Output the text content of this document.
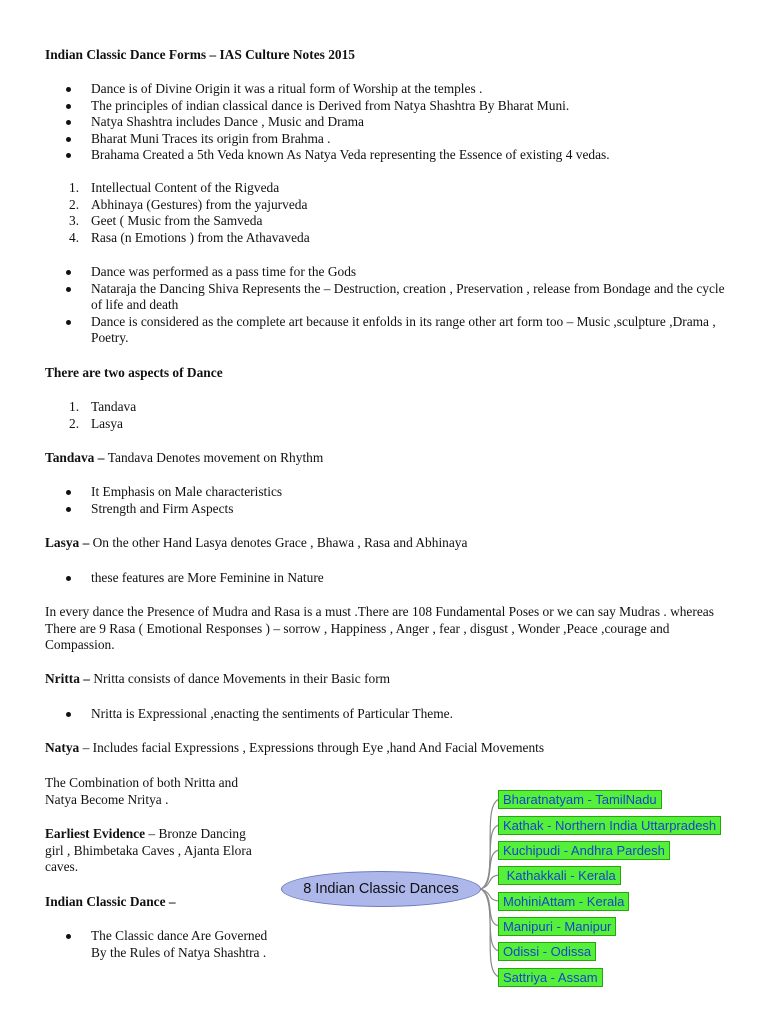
Indian Classic Dance Forms – IAS Culture Notes 2015
Dance is of Divine Origin it was a ritual form of Worship at the temples .
The principles of indian classical dance is Derived from Natya Shashtra By Bharat Muni.
Natya Shashtra includes Dance , Music and Drama
Bharat Muni Traces its origin from Brahma .
Brahama Created a 5th Veda known As Natya Veda representing the Essence of existing 4 vedas.
1. Intellectual Content of the Rigveda
2. Abhinaya (Gestures) from the yajurveda
3. Geet ( Music from the Samveda
4. Rasa (n Emotions ) from the Athavaveda
Dance was performed as a pass time for the Gods
Nataraja the Dancing Shiva Represents the – Destruction, creation , Preservation , release from Bondage and the cycle of life and death
Dance is considered as the complete art because it enfolds in its range other art form too – Music ,sculpture ,Drama , Poetry.
There are two aspects of Dance
1. Tandava
2. Lasya
Tandava – Tandava Denotes movement on Rhythm
It Emphasis on Male characteristics
Strength and Firm Aspects
Lasya – On the other Hand Lasya denotes Grace , Bhawa , Rasa and Abhinaya
these features are More Feminine in Nature
In every dance the Presence of Mudra and Rasa is a must .There are 108 Fundamental Poses or we can say Mudras . whereas There are 9 Rasa ( Emotional Responses ) – sorrow , Happiness , Anger , fear , disgust , Wonder ,Peace ,courage and Compassion.
Nritta – Nritta consists of dance Movements in their Basic form
Nritta is Expressional ,enacting the sentiments of Particular Theme.
Natya – Includes facial Expressions , Expressions through Eye ,hand And Facial Movements
The Combination of both Nritta and Natya Become Nritya .
Earliest Evidence – Bronze Dancing girl , Bhimbetaka Caves , Ajanta Elora caves.
Indian Classic Dance –
The Classic dance Are Governed By the Rules of Natya Shashtra .
8 Indian Classic Dances
Bharatnatyam - TamilNadu
Kathak - Northern India Uttarpradesh
Kuchipudi - Andhra Pardesh
Kathakkali - Kerala
MohiniAttam - Kerala
Manipuri - Manipur
Odissi - Odissa
Sattriya - Assam
